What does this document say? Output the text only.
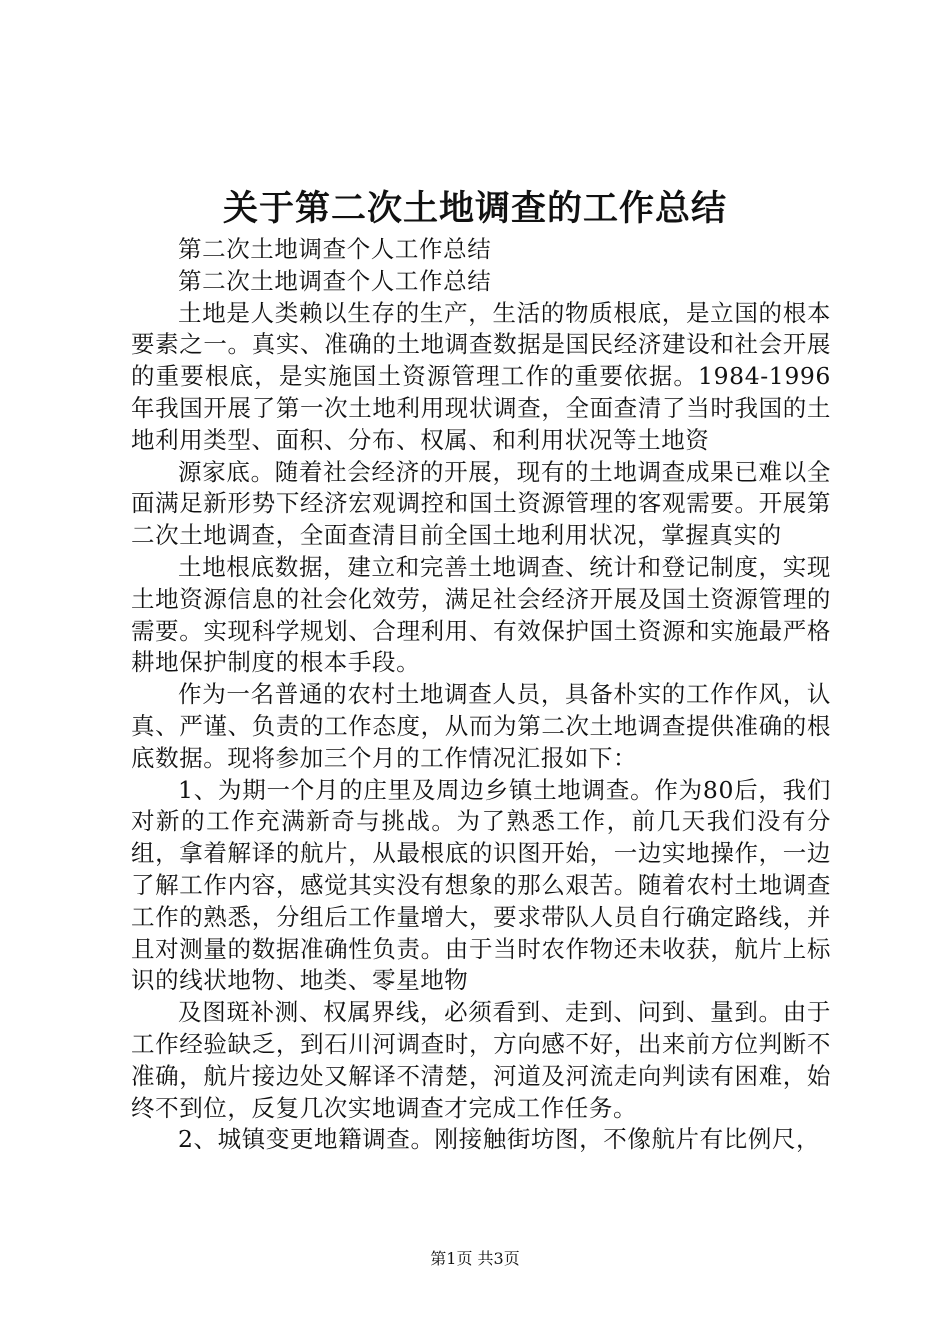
关于第二次土地调查的工作总结

第二次土地调查个人工作总结

第二次土地调查个人工作总结

土地是人类赖以生存的生产，生活的物质根底，是立国的根本要素之一。真实、准确的土地调查数据是国民经济建设和社会开展的重要根底，是实施国土资源管理工作的重要依据。1984-1996年我国开展了第一次土地利用现状调查，全面查清了当时我国的土地利用类型、面积、分布、权属、和利用状况等土地资

源家底。随着社会经济的开展，现有的土地调查成果已难以全面满足新形势下经济宏观调控和国土资源管理的客观需要。开展第二次土地调查，全面查清目前全国土地利用状况，掌握真实的

土地根底数据，建立和完善土地调查、统计和登记制度，实现土地资源信息的社会化效劳，满足社会经济开展及国土资源管理的需要。实现科学规划、合理利用、有效保护国土资源和实施最严格耕地保护制度的根本手段。

作为一名普通的农村土地调查人员，具备朴实的工作作风，认真、严谨、负责的工作态度，从而为第二次土地调查提供准确的根底数据。现将参加三个月的工作情况汇报如下：

1、为期一个月的庄里及周边乡镇土地调查。作为80后，我们对新的工作充满新奇与挑战。为了熟悉工作，前几天我们没有分组，拿着解译的航片，从最根底的识图开始，一边实地操作，一边了解工作内容，感觉其实没有想象的那么艰苦。随着农村土地调查工作的熟悉，分组后工作量增大，要求带队人员自行确定路线，并且对测量的数据准确性负责。由于当时农作物还未收获，航片上标识的线状地物、地类、零星地物

及图斑补测、权属界线，必须看到、走到、问到、量到。由于工作经验缺乏，到石川河调查时，方向感不好，出来前方位判断不准确，航片接边处又解译不清楚，河道及河流走向判读有困难，始终不到位，反复几次实地调查才完成工作任务。

2、城镇变更地籍调查。刚接触街坊图，不像航片有比例尺，

第1页 共3页
